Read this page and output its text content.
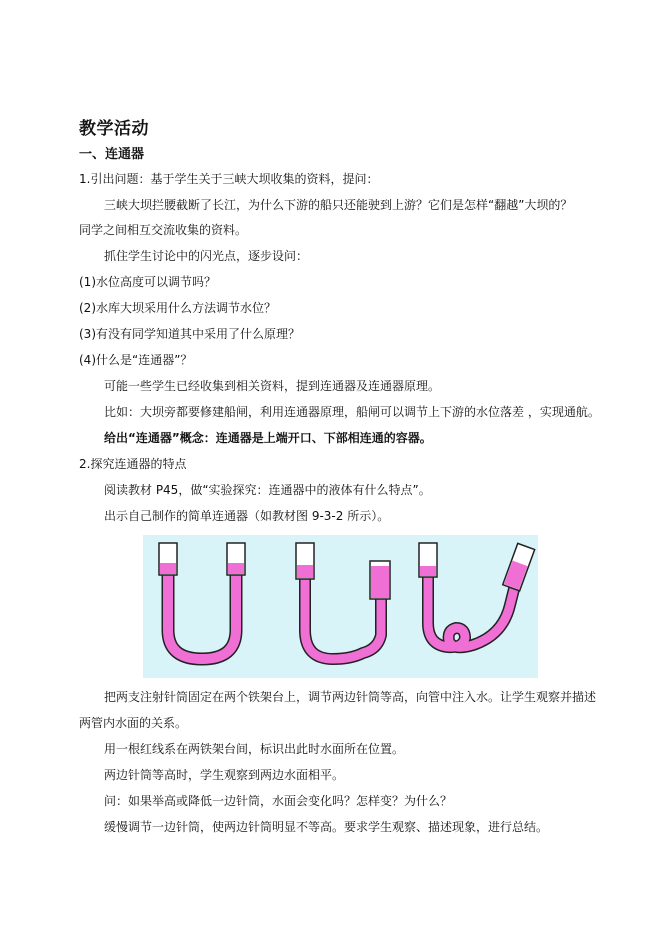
教学活动
一、连通器
1.引出问题：基于学生关于三峡大坝收集的资料，提问：
三峡大坝拦腰截断了长江，为什么下游的船只还能驶到上游？它们是怎样“翻越”大坝的？
同学之间相互交流收集的资料。
抓住学生讨论中的闪光点，逐步设问：
(1)水位高度可以调节吗？
(2)水库大坝采用什么方法调节水位？
(3)有没有同学知道其中采用了什么原理？
(4)什么是“连通器”？
可能一些学生已经收集到相关资料，提到连通器及连通器原理。
比如：大坝旁都要修建船闸，利用连通器原理，船闸可以调节上下游的水位落差 ，实现通航。
给出“连通器”概念：连通器是上端开口、下部相连通的容器。
2.探究连通器的特点
阅读教材 P45，做“实验探究：连通器中的液体有什么特点”。
出示自己制作的简单连通器（如教材图 9-3-2 所示）。
把两支注射针筒固定在两个铁架台上，调节两边针筒等高，向管中注入水。让学生观察并描述
两管内水面的关系。
用一根红线系在两铁架台间，标识出此时水面所在位置。
两边针筒等高时，学生观察到两边水面相平。
问：如果举高或降低一边针筒，水面会变化吗？怎样变？为什么？
缓慢调节一边针筒，使两边针筒明显不等高。要求学生观察、描述现象，进行总结。
